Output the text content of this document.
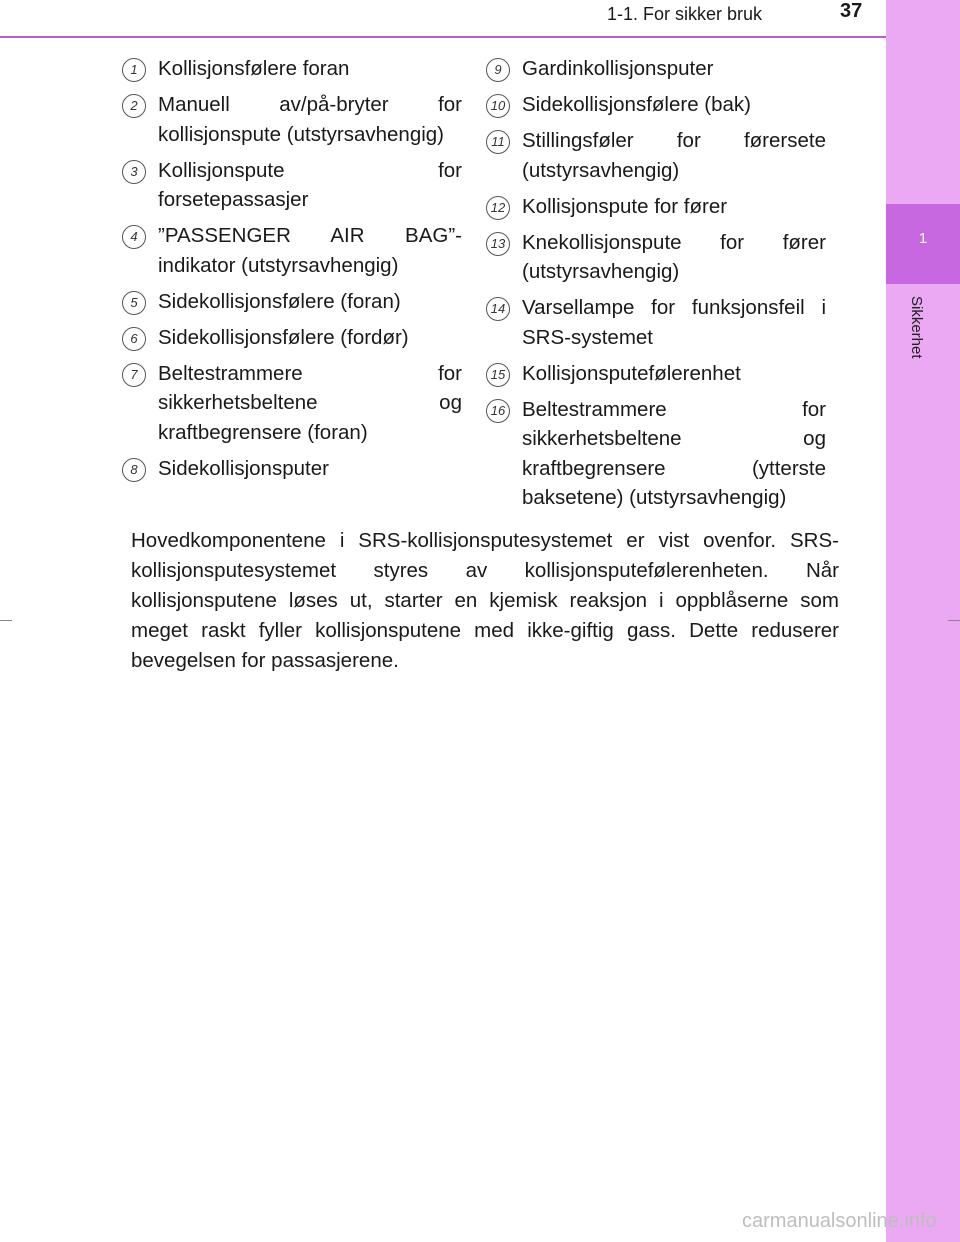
1
Sikkerhet
1-1. For sikker bruk	37
1 Kollisjonsfølere foran
2 Manuell av/på-bryter for kollisjonspute (utstyrsavhengig)
3 Kollisjonspute for forsetepassasjer
4 ”PASSENGER AIR BAG”-indikator (utstyrsavhengig)
5 Sidekollisjonsfølere (foran)
6 Sidekollisjonsfølere (fordør)
7 Beltestrammere for sikkerhetsbeltene og kraftbegrensere (foran)
8 Sidekollisjonsputer
9 Gardinkollisjonsputer
10 Sidekollisjonsfølere (bak)
11 Stillingsføler for førersete (utstyrsavhengig)
12 Kollisjonspute for fører
13 Knekollisjonspute for fører (utstyrsavhengig)
14 Varsellampe for funksjonsfeil i SRS-systemet
15 Kollisjonsputefølerenhet
16 Beltestrammere for sikkerhetsbeltene og kraftbegrensere (ytterste baksetene) (utstyrsavhengig)
Hovedkomponentene i SRS-kollisjonsputesystemet er vist ovenfor. SRS-kollisjonsputesystemet styres av kollisjonsputefølerenheten. Når kollisjonsputene løses ut, starter en kjemisk reaksjon i oppblåserne som meget raskt fyller kollisjonsputene med ikke-giftig gass. Dette reduserer bevegelsen for passasjerene.
carmanualsonline.info
